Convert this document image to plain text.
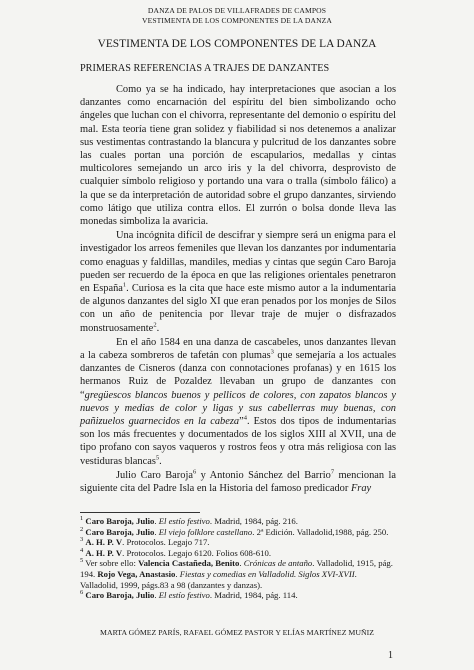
DANZA DE PALOS DE VILLAFRADES DE CAMPOS
VESTIMENTA DE LOS COMPONENTES DE LA DANZA
VESTIMENTA DE LOS COMPONENTES DE LA DANZA
PRIMERAS REFERENCIAS A TRAJES DE DANZANTES

Como ya se ha indicado, hay interpretaciones que asocian a los danzantes como encarnación del espíritu del bien simbolizando ocho ángeles que luchan con el chivorra, representante del demonio o espíritu del mal. Esta teoría tiene gran solidez y fiabilidad si nos detenemos a analizar sus vestimentas contrastando la blancura y pulcritud de los danzantes sobre las cuales portan una porción de escapularios, medallas y cintas multicolores semejando un arco iris y la del chivorra, desprovisto de cualquier símbolo religioso y portando una vara o tralla (símbolo fálico) a la que se da interpretación de autoridad sobre el grupo danzantes, sirviendo como látigo que utiliza contra ellos. El zurrón o bolsa donde lleva las monedas simboliza la avaricia.

Una incógnita difícil de descifrar y siempre será un enigma para el investigador los arreos femeniles que llevan los danzantes por indumentaria como enaguas y faldillas, mandiles, medias y cintas que según Caro Baroja pueden ser recuerdo de la época en que las religiones orientales penetraron en España$^1$. Curiosa es la cita que hace este mismo autor a la indumentaria de algunos danzantes del siglo XI que eran penados por los monjes de Silos con un año de penitencia por llevar traje de mujer o disfrazados monstruosamente$^2$.

En el año 1584 en una danza de cascabeles, unos danzantes llevan a la cabeza sombreros de tafetán con plumas$^3$ que semejaría a los actuales danzantes de Cisneros (danza con connotaciones profanas) y en 1615 los hermanos Ruiz de Pozaldez llevaban un grupo de danzantes con “gregüescos blancos buenos y pellicos de colores, con zapatos blancos y nuevos y medias de color y ligas y sus cabellerras muy buenas, con pañizuelos guarnecidos en la cabeza”$^4$. Estos dos tipos de indumentarias son los más frecuentes y documentados de los siglos XIII al XVII, una de tipo profano con sayos vaqueros y rostros feos y otra más religiosa con las vestiduras blancas$^5$.

Julio Caro Baroja$^6$ y Antonio Sánchez del Barrio$^7$ mencionan la siguiente cita del Padre Isla en la Historia del famoso predicador Fray

$^1$ Caro Baroja, Julio. El estío festivo. Madrid, 1984, pág. 216.

$^2$ Caro Baroja, Julio. El viejo folklore castellano. 2ª Edición. Valladolid,1988, pág. 250.

$^3$ A. H. P. V. Protocolos. Legajo 717.

$^4$ A. H. P. V. Protocolos. Legajo 6120. Folios 608-610.

$^5$ Ver sobre ello: Valencia Castañeda, Benito. Crónicas de antaño. Valladolid, 1915, pág. 194. Rojo Vega, Anastasio. Fiestas y comedias en Valladolid. Siglos XVI-XVII. Valladolid, 1999, págs.83 a 98 (danzantes y danzas).

$^6$ Caro Baroja, Julio. El estío festivo. Madrid, 1984, pág. 114.

MARTA GÓMEZ PARÍS, RAFAEL GÓMEZ PASTOR Y ELÍAS MARTÍNEZ MUÑIZ
1
